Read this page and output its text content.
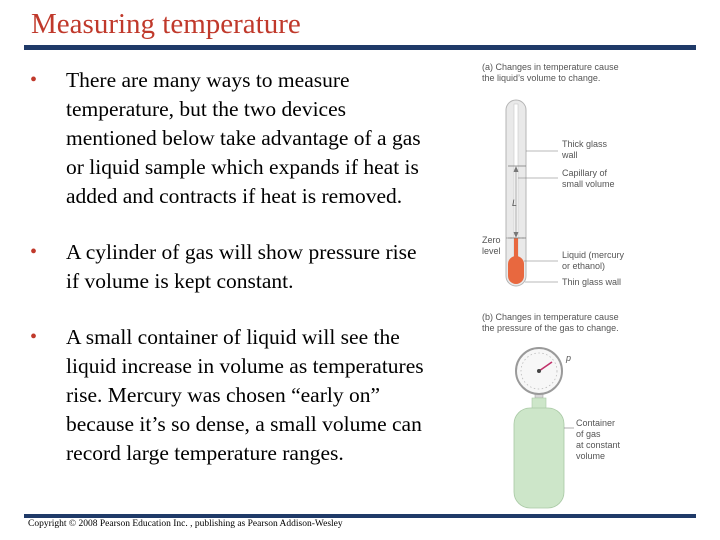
Measuring temperature
• There are many ways to measure temperature, but the two devices mentioned below take advantage of a gas or liquid sample which expands if heat is added and contracts if heat is removed.
• A cylinder of gas will show pressure rise if volume is kept constant.
• A small container of liquid will see the liquid increase in volume as temperatures rise. Mercury was chosen “early on” because it’s so dense, a small volume can record large temperature ranges.
(a) Changes in temperature cause
the liquid’s volume to change.
L
Zero
level
Thick glass
wall
Capillary of
small volume
Liquid (mercury
or ethanol)
Thin glass wall
(b) Changes in temperature cause
the pressure of the gas to change.
p
Container
of gas
at constant
volume
Copyright © 2008 Pearson Education Inc. , publishing as Pearson Addison-Wesley
